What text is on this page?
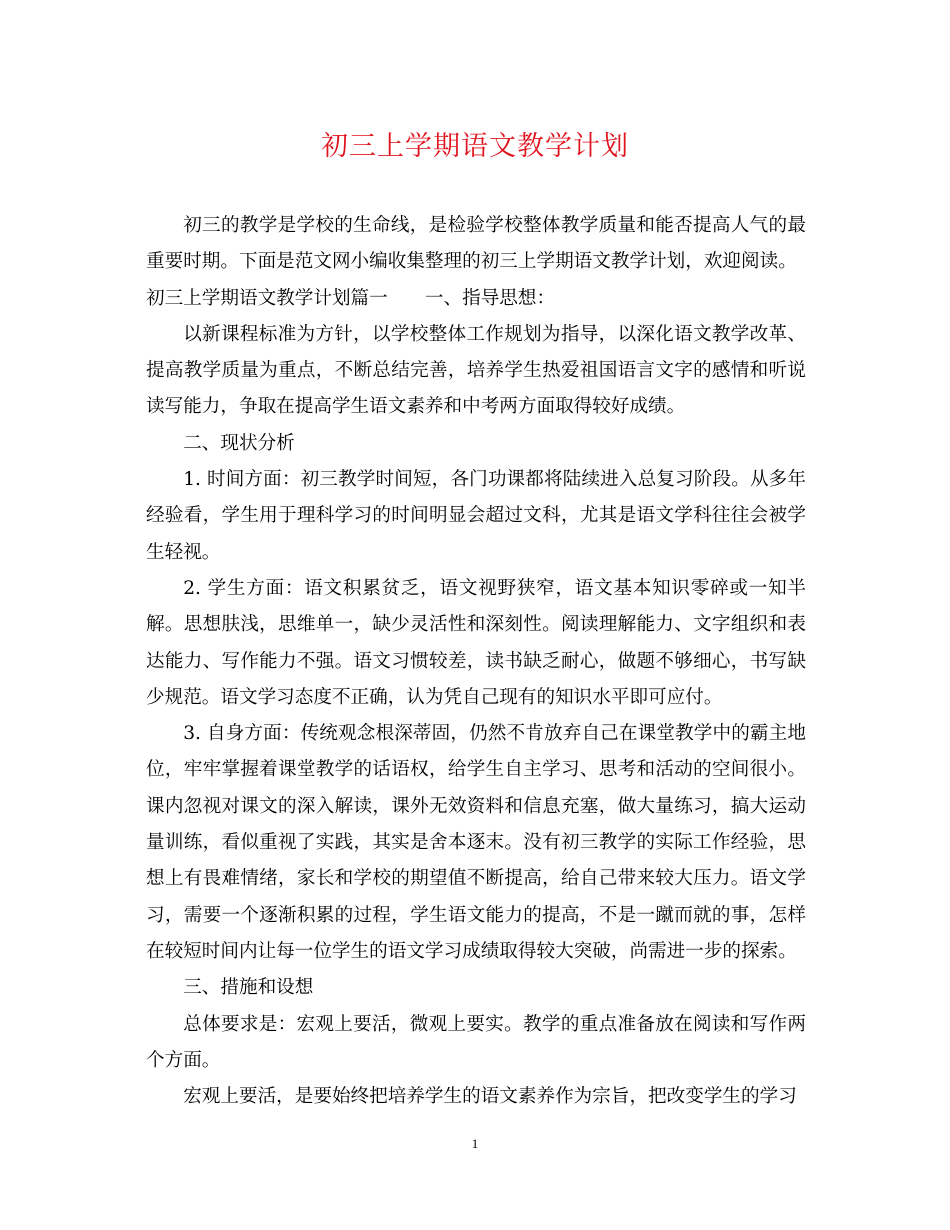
初三上学期语文教学计划

初三的教学是学校的生命线，是检验学校整体教学质量和能否提高人气的最重要时期。下面是范文网小编收集整理的初三上学期语文教学计划，欢迎阅读。

初三上学期语文教学计划篇一　　一、指导思想：

以新课程标准为方针，以学校整体工作规划为指导，以深化语文教学改革、提高教学质量为重点，不断总结完善，培养学生热爱祖国语言文字的感情和听说读写能力，争取在提高学生语文素养和中考两方面取得较好成绩。

二、现状分析

1. 时间方面：初三教学时间短，各门功课都将陆续进入总复习阶段。从多年经验看，学生用于理科学习的时间明显会超过文科，尤其是语文学科往往会被学生轻视。

2. 学生方面：语文积累贫乏，语文视野狭窄，语文基本知识零碎或一知半解。思想肤浅，思维单一，缺少灵活性和深刻性。阅读理解能力、文字组织和表达能力、写作能力不强。语文习惯较差，读书缺乏耐心，做题不够细心，书写缺少规范。语文学习态度不正确，认为凭自己现有的知识水平即可应付。

3. 自身方面：传统观念根深蒂固，仍然不肯放弃自己在课堂教学中的霸主地位，牢牢掌握着课堂教学的话语权，给学生自主学习、思考和活动的空间很小。课内忽视对课文的深入解读，课外无效资料和信息充塞，做大量练习，搞大运动量训练，看似重视了实践，其实是舍本逐末。没有初三教学的实际工作经验，思想上有畏难情绪，家长和学校的期望值不断提高，给自己带来较大压力。语文学习，需要一个逐渐积累的过程，学生语文能力的提高，不是一蹴而就的事，怎样在较短时间内让每一位学生的语文学习成绩取得较大突破，尚需进一步的探索。

三、措施和设想

总体要求是：宏观上要活，微观上要实。教学的重点准备放在阅读和写作两个方面。

宏观上要活，是要始终把培养学生的语文素养作为宗旨，把改变学生的学习

1
